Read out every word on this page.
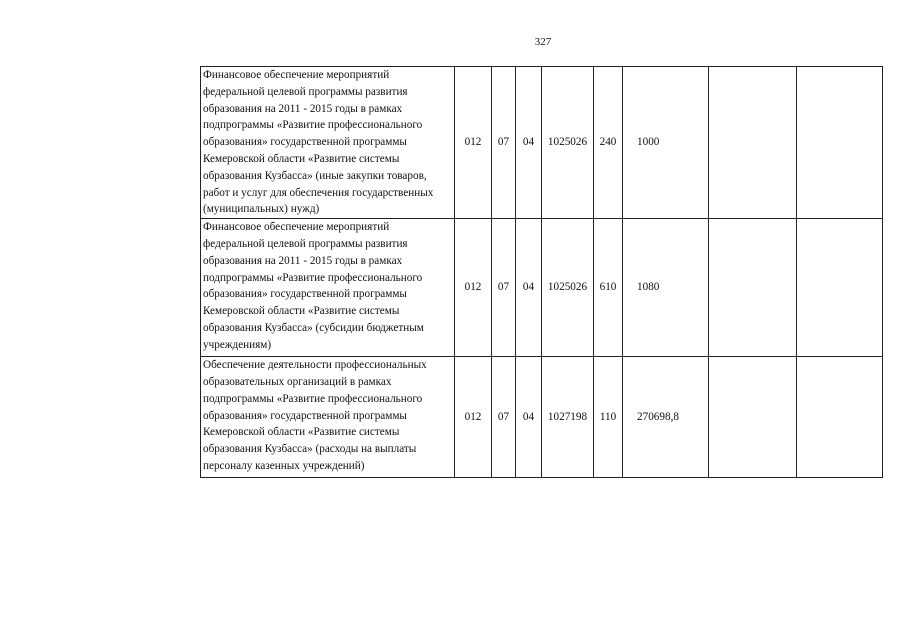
327
Финансовое обеспечение мероприятий федеральной целевой программы развития образования на 2011 - 2015 годы в рамках подпрограммы «Развитие профессионального образования» государственной программы Кемеровской области «Развитие системы образования Кузбасса» (иные закупки товаров, работ и услуг для обеспечения государственных (муниципальных) нужд)	012	07	04	1025026	240	1000		
Финансовое обеспечение мероприятий федеральной целевой программы развития образования на 2011 - 2015 годы в рамках подпрограммы «Развитие профессионального образования» государственной программы Кемеровской области «Развитие системы образования Кузбасса» (субсидии бюджетным учреждениям)	012	07	04	1025026	610	1080		
Обеспечение деятельности профессиональных образовательных организаций в рамках подпрограммы «Развитие профессионального образования» государственной программы Кемеровской области «Развитие системы образования Кузбасса» (расходы на выплаты персоналу казенных учреждений)	012	07	04	1027198	110	270698,8		
